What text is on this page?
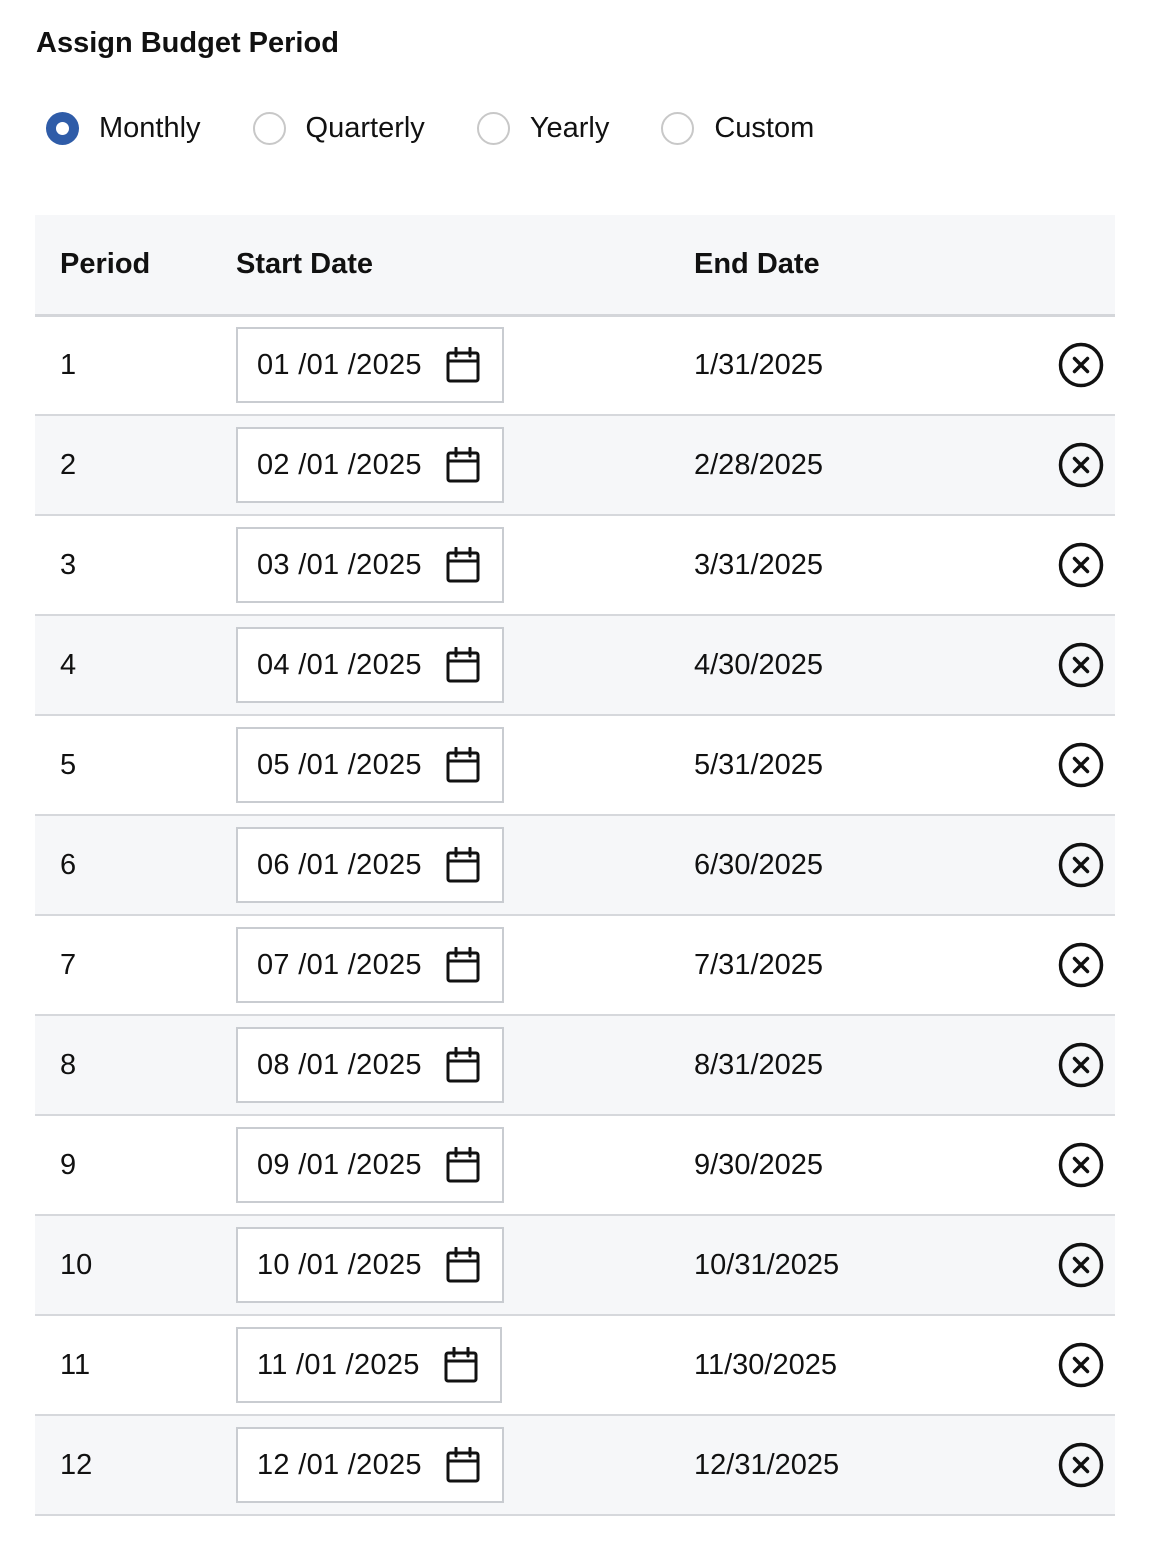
Assign Budget Period
Monthly	Quarterly	Yearly	Custom
Period	Start Date	End Date	
1	01 /01 /2025	1/31/2025	
2	02 /01 /2025	2/28/2025	
3	03 /01 /2025	3/31/2025	
4	04 /01 /2025	4/30/2025	
5	05 /01 /2025	5/31/2025	
6	06 /01 /2025	6/30/2025	
7	07 /01 /2025	7/31/2025	
8	08 /01 /2025	8/31/2025	
9	09 /01 /2025	9/30/2025	
10	10 /01 /2025	10/31/2025	
11	11 /01 /2025	11/30/2025	
12	12 /01 /2025	12/31/2025	
